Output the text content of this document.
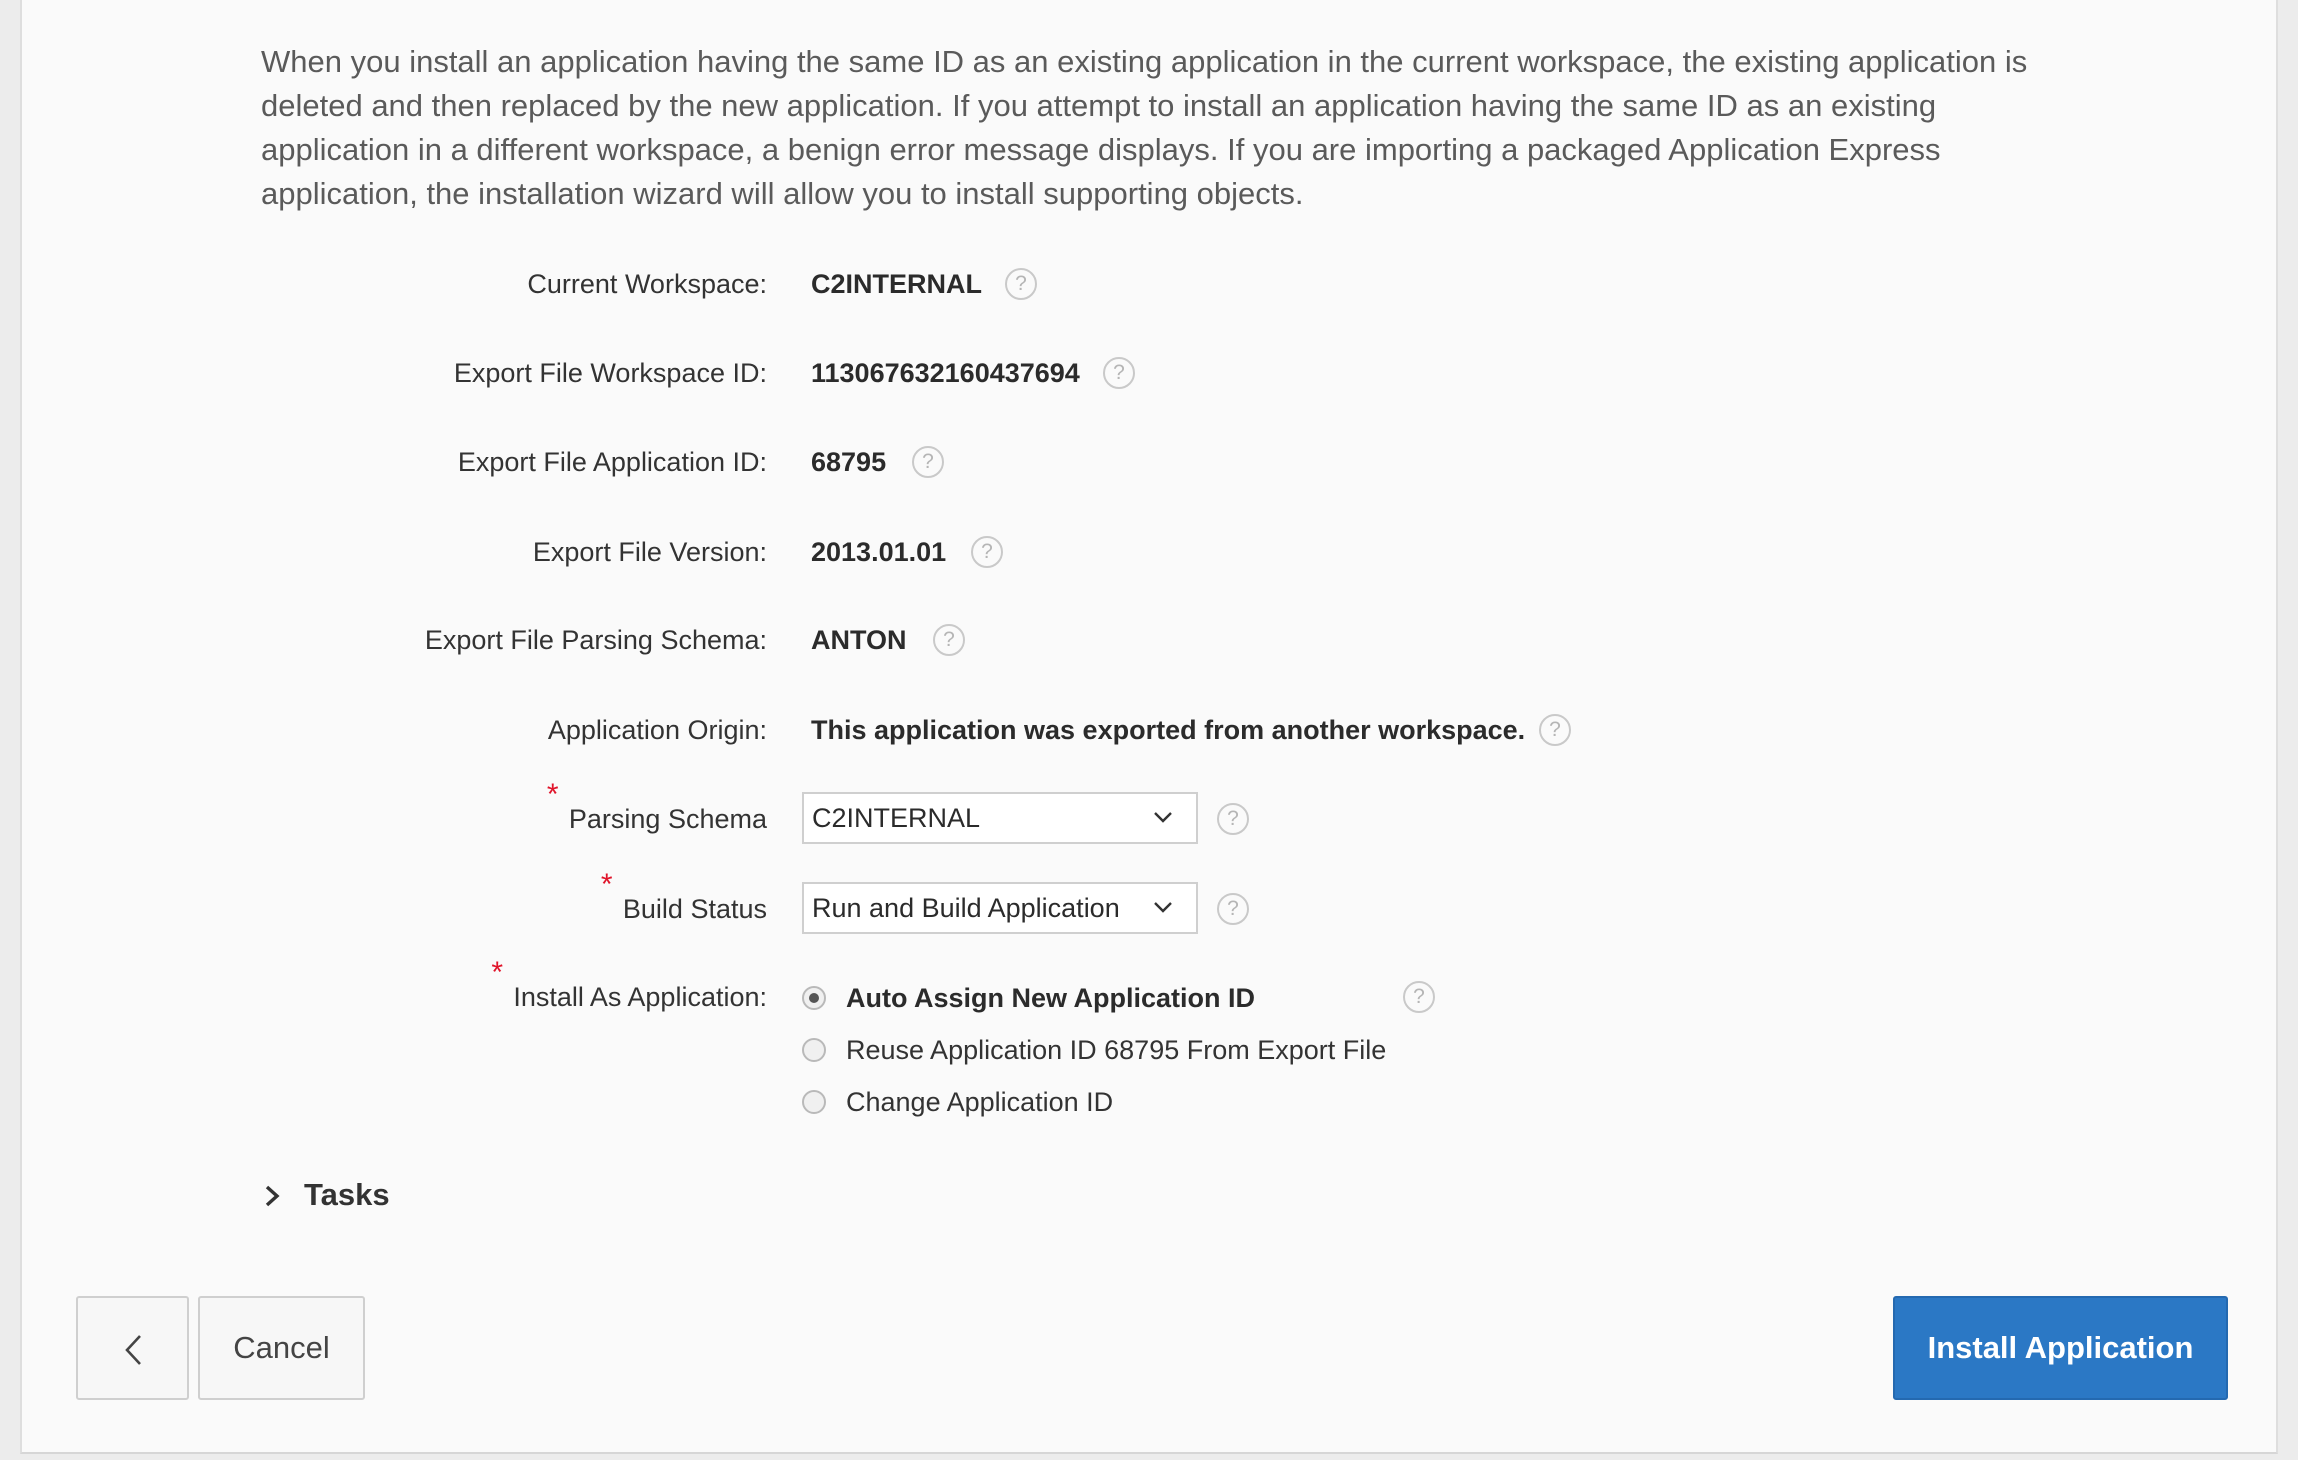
When you install an application having the same ID as an existing application in the current workspace, the existing application is deleted and then replaced by the new application. If you attempt to install an application having the same ID as an existing application in a different workspace, a benign error message displays. If you are importing a packaged Application Express application, the installation wizard will allow you to install supporting objects.

Current Workspace: C2INTERNAL	?
Export File Workspace ID: 113067632160437694	?
Export File Application ID: 68795	?
Export File Version: 2013.01.01	?
Export File Parsing Schema: ANTON	?
Application Origin: This application was exported from another workspace.	?
*
Parsing Schema	C2INTERNAL	?
*
Build Status	Run and Build Application	?
*
Install As Application:	?
Auto Assign New Application ID
Reuse Application ID 68795 From Export File
Change Application ID
Tasks
Cancel	Install Application
